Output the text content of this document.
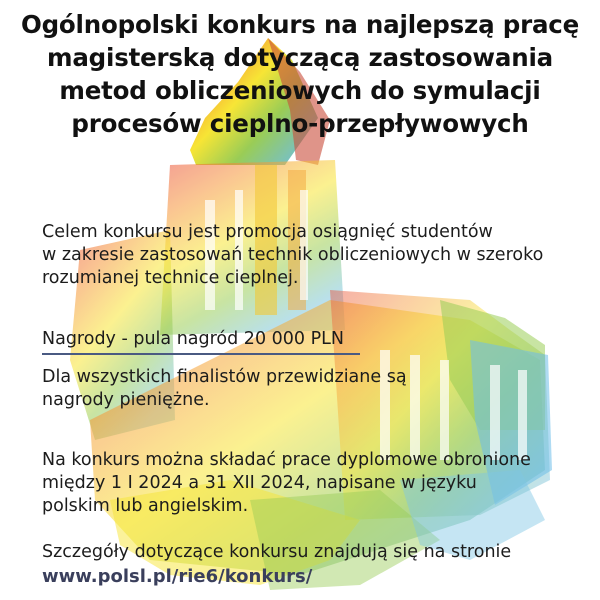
Ogólnopolski konkurs na najlepszą pracę
magisterską dotyczącą zastosowania
metod obliczeniowych do symulacji
procesów cieplno-przepływowych

Celem konkursu jest promocja osiągnięć studentów
w zakresie zastosowań technik obliczeniowych w szeroko
rozumianej technice cieplnej.

Nagrody - pula nagród 20 000 PLN

Dla wszystkich finalistów przewidziane są
nagrody pieniężne.

Na konkurs można składać prace dyplomowe obronione
między 1 I 2024 a 31 XII 2024, napisane w języku
polskim lub angielskim.

Szczegóły dotyczące konkursu znajdują się na stronie

www.polsl.pl/rie6/konkurs/
